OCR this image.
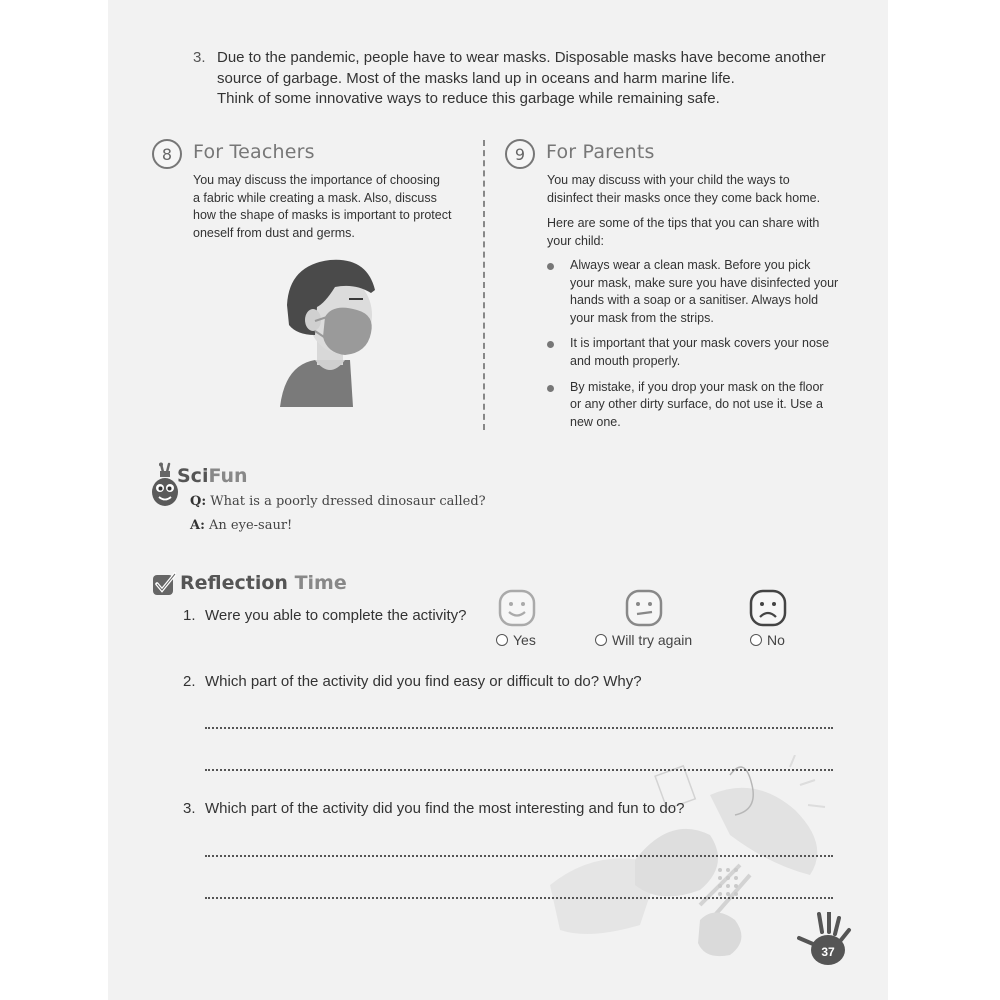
3. Due to the pandemic, people have to wear masks. Disposable masks have become another
source of garbage. Most of the masks land up in oceans and harm marine life.
Think of some innovative ways to reduce this garbage while remaining safe.
8 For Teachers
You may discuss the importance of choosing
a fabric while creating a mask. Also, discuss
how the shape of masks is important to protect
oneself from dust and germs.
9 For Parents
You may discuss with your child the ways to
disinfect their masks once they come back home.
Here are some of the tips that you can share with
your child:
Always wear a clean mask. Before you pick
your mask, make sure you have disinfected your
hands with a soap or a sanitiser. Always hold
your mask from the strips.
It is important that your mask covers your nose
and mouth properly.
By mistake, if you drop your mask on the floor
or any other dirty surface, do not use it. Use a
new one.
SciFun
Q: What is a poorly dressed dinosaur called?
A: An eye-saur!
Reflection Time
1. Were you able to complete the activity?
Yes	Will try again	No
2. Which part of the activity did you find easy or difficult to do? Why?
3. Which part of the activity did you find the most interesting and fun to do?
37
